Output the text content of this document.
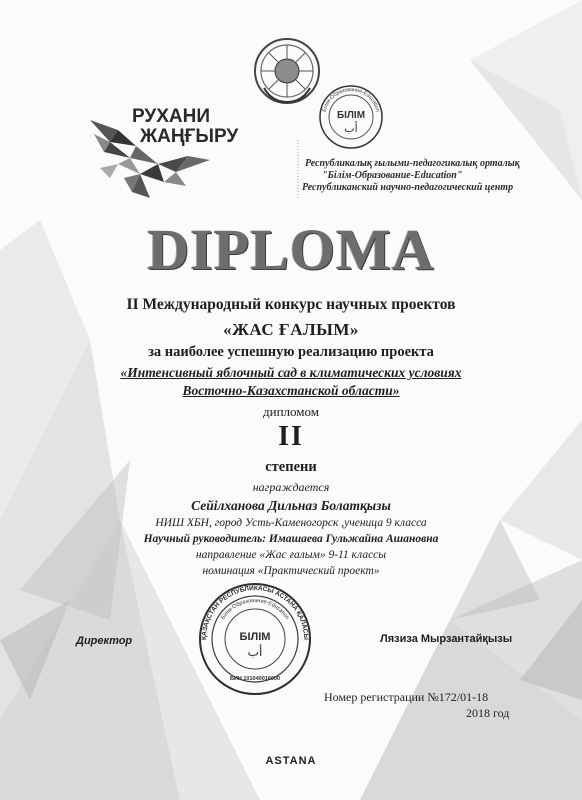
РУХАНИ
ЖАҢҒЫРУ
БІЛІМ
أب
Білім-Образование-Education
Республикалық ғылыми-педагогикалық орталық
"Білім-Образование-Education"
Республиканский научно-педагогический центр
DIPLOMA
II Международный конкурс научных проектов
«ЖАС ҒАЛЫМ»
за наиболее успешную реализацию проекта
«Интенсивный яблочный сад в климатических условиях
Восточно-Казахстанской области»
дипломом
II
степени
награждается
Сейілханова Дильназ Болатқызы
НИШ ХБН, город Усть-Каменогорск ,ученица 9 класса
Научный руководитель: Имашаева Гульжайна Ашановна
направление «Жас ғалым» 9-11 классы
номинация «Практический проект»
Директор	Лязиза Мырзантайқызы
ҚАЗАҚСТАН РЕСПУБЛИКАСЫ АСТАНА ҚАЛАСЫ
Білім-Образование-Education
БІЛІМ
أب
БИН 101040016000
Номер регистрации №172/01-18
2018 год
ASTANA
